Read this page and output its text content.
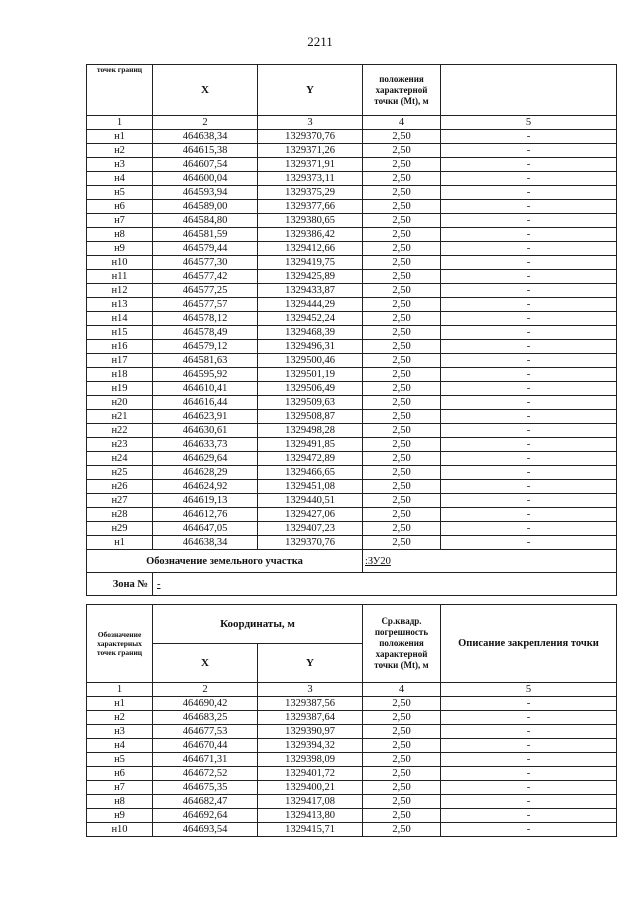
2211
точек границ	X	Y	положения характерной точки (Mt), м	
1	2	3	4	5
н1	464638,34	1329370,76	2,50	-
н2	464615,38	1329371,26	2,50	-
н3	464607,54	1329371,91	2,50	-
н4	464600,04	1329373,11	2,50	-
н5	464593,94	1329375,29	2,50	-
н6	464589,00	1329377,66	2,50	-
н7	464584,80	1329380,65	2,50	-
н8	464581,59	1329386,42	2,50	-
н9	464579,44	1329412,66	2,50	-
н10	464577,30	1329419,75	2,50	-
н11	464577,42	1329425,89	2,50	-
н12	464577,25	1329433,87	2,50	-
н13	464577,57	1329444,29	2,50	-
н14	464578,12	1329452,24	2,50	-
н15	464578,49	1329468,39	2,50	-
н16	464579,12	1329496,31	2,50	-
н17	464581,63	1329500,46	2,50	-
н18	464595,92	1329501,19	2,50	-
н19	464610,41	1329506,49	2,50	-
н20	464616,44	1329509,63	2,50	-
н21	464623,91	1329508,87	2,50	-
н22	464630,61	1329498,28	2,50	-
н23	464633,73	1329491,85	2,50	-
н24	464629,64	1329472,89	2,50	-
н25	464628,29	1329466,65	2,50	-
н26	464624,92	1329451,08	2,50	-
н27	464619,13	1329440,51	2,50	-
н28	464612,76	1329427,06	2,50	-
н29	464647,05	1329407,23	2,50	-
н1	464638,34	1329370,76	2,50	-
Обозначение земельного участка			:ЗУ20	
Зона №	-			
Обозначение характерных точек границ	Координаты, м		Ср.квадр. погрешность положения характерной точки (Mt), м	Описание закрепления точки
	X	Y		
1	2	3	4	5
н1	464690,42	1329387,56	2,50	-
н2	464683,25	1329387,64	2,50	-
н3	464677,53	1329390,97	2,50	-
н4	464670,44	1329394,32	2,50	-
н5	464671,31	1329398,09	2,50	-
н6	464672,52	1329401,72	2,50	-
н7	464675,35	1329400,21	2,50	-
н8	464682,47	1329417,08	2,50	-
н9	464692,64	1329413,80	2,50	-
н10	464693,54	1329415,71	2,50	-
